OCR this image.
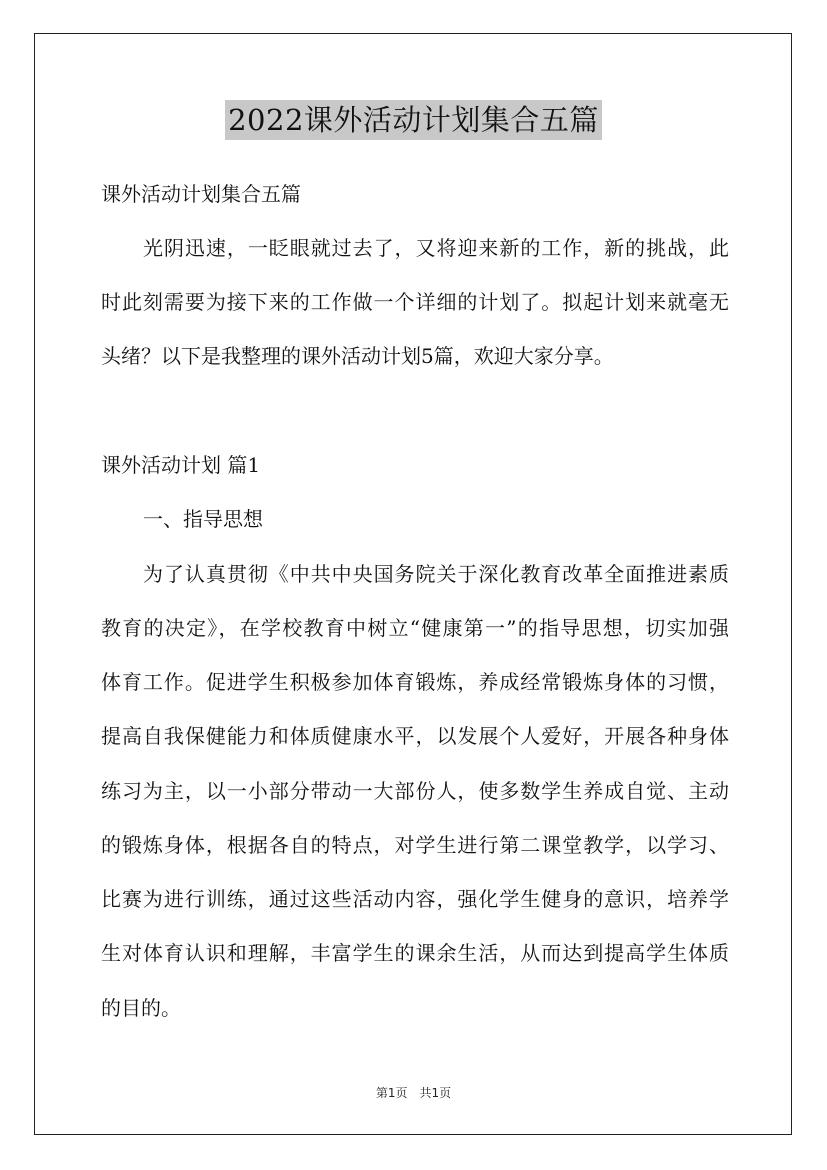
2022课外活动计划集合五篇
课外活动计划集合五篇
光阴迅速，一眨眼就过去了，又将迎来新的工作，新的挑战，此
时此刻需要为接下来的工作做一个详细的计划了。拟起计划来就毫无
头绪？以下是我整理的课外活动计划5篇，欢迎大家分享。
课外活动计划 篇1
一、指导思想
为了认真贯彻《中共中央国务院关于深化教育改革全面推进素质
教育的决定》，在学校教育中树立“健康第一”的指导思想，切实加强
体育工作。促进学生积极参加体育锻炼，养成经常锻炼身体的习惯，
提高自我保健能力和体质健康水平，以发展个人爱好，开展各种身体
练习为主，以一小部分带动一大部份人，使多数学生养成自觉、主动
的锻炼身体，根据各自的特点，对学生进行第二课堂教学，以学习、
比赛为进行训练，通过这些活动内容，强化学生健身的意识，培养学
生对体育认识和理解，丰富学生的课余生活，从而达到提高学生体质
的目的。
第1页　共1页
